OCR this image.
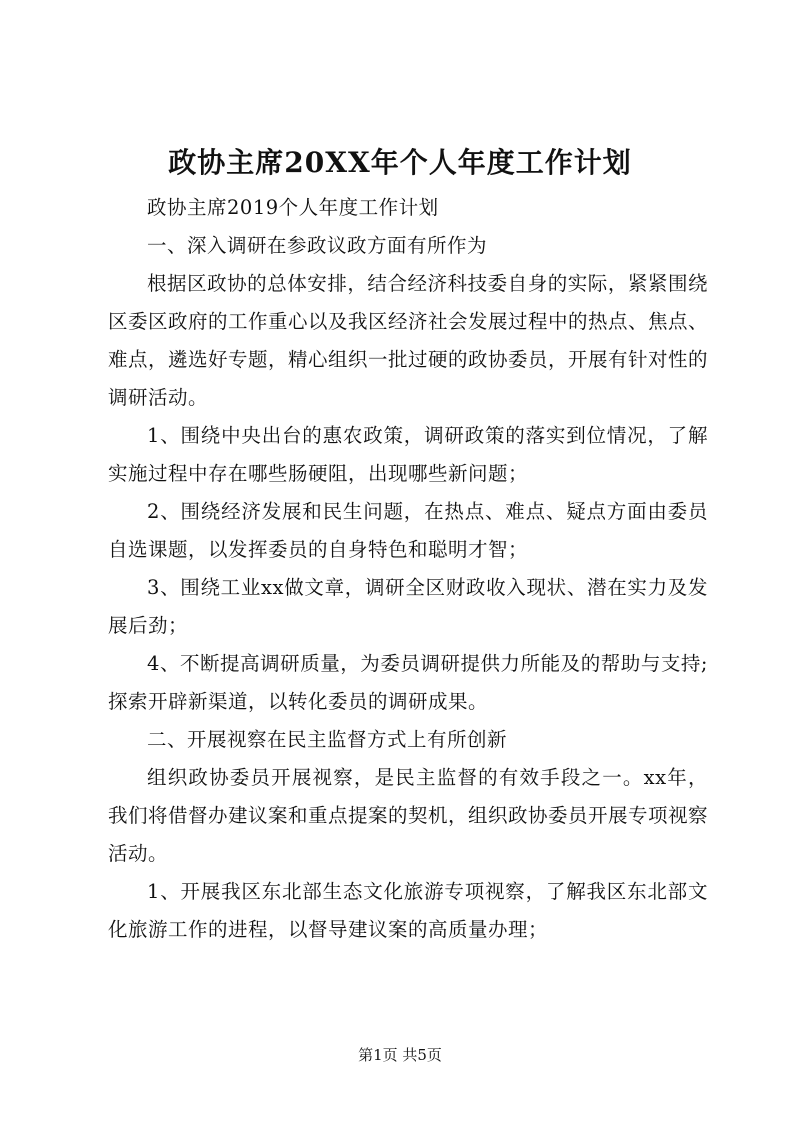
政协主席20XX年个人年度工作计划

政协主席2019个人年度工作计划

一、深入调研在参政议政方面有所作为

根据区政协的总体安排，结合经济科技委自身的实际，紧紧围绕区委区政府的工作重心以及我区经济社会发展过程中的热点、焦点、难点，遴选好专题，精心组织一批过硬的政协委员，开展有针对性的调研活动。

1、围绕中央出台的惠农政策，调研政策的落实到位情况，了解实施过程中存在哪些肠硬阻，出现哪些新问题；

2、围绕经济发展和民生问题，在热点、难点、疑点方面由委员自选课题，以发挥委员的自身特色和聪明才智；

3、围绕工业xx做文章，调研全区财政收入现状、潜在实力及发展后劲；

4、不断提高调研质量，为委员调研提供力所能及的帮助与支持;探索开辟新渠道，以转化委员的调研成果。

二、开展视察在民主监督方式上有所创新

组织政协委员开展视察，是民主监督的有效手段之一。xx年，我们将借督办建议案和重点提案的契机，组织政协委员开展专项视察活动。

1、开展我区东北部生态文化旅游专项视察，了解我区东北部文化旅游工作的进程，以督导建议案的高质量办理；

第1页 共5页
